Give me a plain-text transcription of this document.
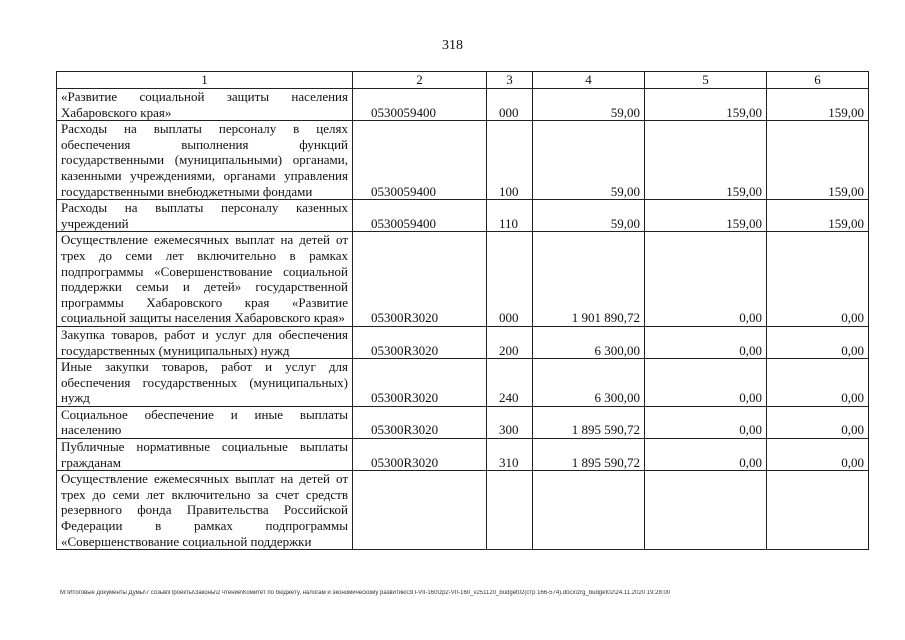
318
1	2	3	4	5	6
«Развитие социальной защиты населения Хабаровского края»	0530059400	000	59,00	159,00	159,00
Расходы на выплаты персоналу в целях обеспечения выполнения функций государственными (муниципальными) органами, казенными учреждениями, органами управления государственными внебюджетными фондами	0530059400	100	59,00	159,00	159,00
Расходы на выплаты персоналу казенных учреждений	0530059400	110	59,00	159,00	159,00
Осуществление ежемесячных выплат на детей от трех до семи лет включительно в рамках подпрограммы «Совершенствование социальной поддержки семьи и детей» государственной программы Хабаровского края «Развитие социальной защиты населения Хабаровского края»	05300R3020	000	1 901 890,72	0,00	0,00
Закупка товаров, работ и услуг для обеспечения государственных (муниципальных) нужд	05300R3020	200	6 300,00	0,00	0,00
Иные закупки товаров, работ и услуг для обеспечения государственных (муниципальных) нужд	05300R3020	240	6 300,00	0,00	0,00
Социальное обеспечение и иные выплаты населению	05300R3020	300	1 895 590,72	0,00	0,00
Публичные нормативные социальные выплаты гражданам	05300R3020	310	1 895 590,72	0,00	0,00
Осуществление ежемесячных выплат на детей от трех до семи лет включительно за счет средств резервного фонда Правительства Российской Федерации в рамках подпрограммы «Совершенствование социальной поддержки					
М:\Итоговые документы Думы\7 созыв\Проекты\Законы\2 чтение\Комитет по бюджету, налогам и экономическому развитию\ЗП-VII-160\zp2-VII-160_v251120_budget02(стр 166-574).docx\zrg_budget02\24.11.2020 19:28:00
